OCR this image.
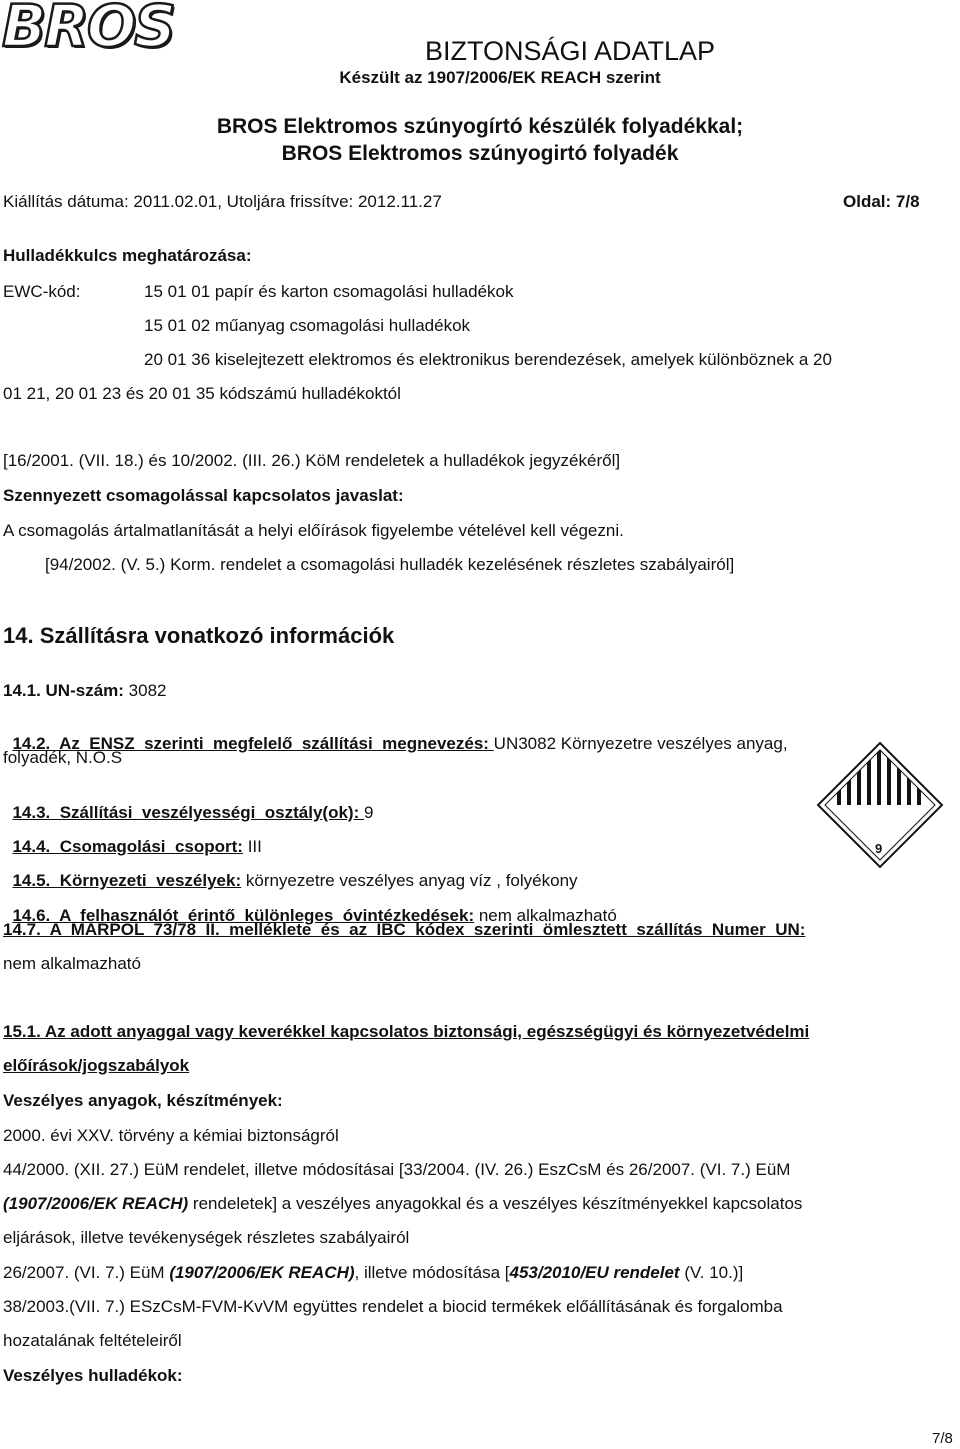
BROS	BIZTONSÁGI ADATLAP
Készült az 1907/2006/EK REACH szerint
BROS Elektromos szúnyogírtó készülék folyadékkal;
BROS Elektromos szúnyogirtó folyadék
Kiállítás dátuma: 2011.02.01, Utoljára frissítve: 2012.11.27	Oldal: 7/8
Hulladékkulcs meghatározása:
EWC-kód:	15 01 01 papír és karton csomagolási hulladékok
15 01 02 műanyag csomagolási hulladékok
20 01 36 kiselejtezett elektromos és elektronikus berendezések, amelyek különböznek a 20
01 21, 20 01 23 és 20 01 35 kódszámú hulladékoktól
[16/2001. (VII. 18.) és 10/2002. (III. 26.) KöM rendeletek a hulladékok jegyzékéről]
Szennyezett csomagolással kapcsolatos javaslat:
A csomagolás ártalmatlanítását a helyi előírások figyelembe vételével kell végezni.
[94/2002. (V. 5.) Korm. rendelet a csomagolási hulladék kezelésének részletes szabályairól]
14. Szállításra vonatkozó információk
14.1. UN-szám: 3082

14.2.  Az  ENSZ  szerinti  megfelelő  szállítási  megnevezés: UN3082 Környezetre veszélyes anyag,

folyadék, N.O.S

14.3.  Szállítási  veszélyességi  osztály(ok): 9

14.4.  Csomagolási  csoport: III

14.5.  Környezeti  veszélyek: környezetre veszélyes anyag víz , folyékony

14.6.  A  felhasználót  érintő  különleges  óvintézkedések: nem alkalmazható

14.7.  A  MARPOL  73/78  II.  melléklete  és  az  IBC  kódex  szerinti  ömlesztett  szállítás  Numer  UN:
nem alkalmazható
9
15.1. Az adott anyaggal vagy keverékkel kapcsolatos biztonsági, egészségügyi és környezetvédelmi
előírások/jogszabályok
Veszélyes anyagok, készítmények:
2000. évi XXV. törvény a kémiai biztonságról
44/2000. (XII. 27.) EüM rendelet, illetve módosításai [33/2004. (IV. 26.) EszCsM és 26/2007. (VI. 7.) EüM
(1907/2006/EK REACH) rendeletek] a veszélyes anyagokkal és a veszélyes készítményekkel kapcsolatos
eljárások, illetve tevékenységek részletes szabályairól
26/2007. (VI. 7.) EüM (1907/2006/EK REACH), illetve módosítása [453/2010/EU rendelet (V. 10.)]
38/2003.(VII. 7.) ESzCsM-FVM-KvVM együttes rendelet a biocid termékek előállításának és forgalomba
hozatalának feltételeiről
Veszélyes hulladékok:
7/8
